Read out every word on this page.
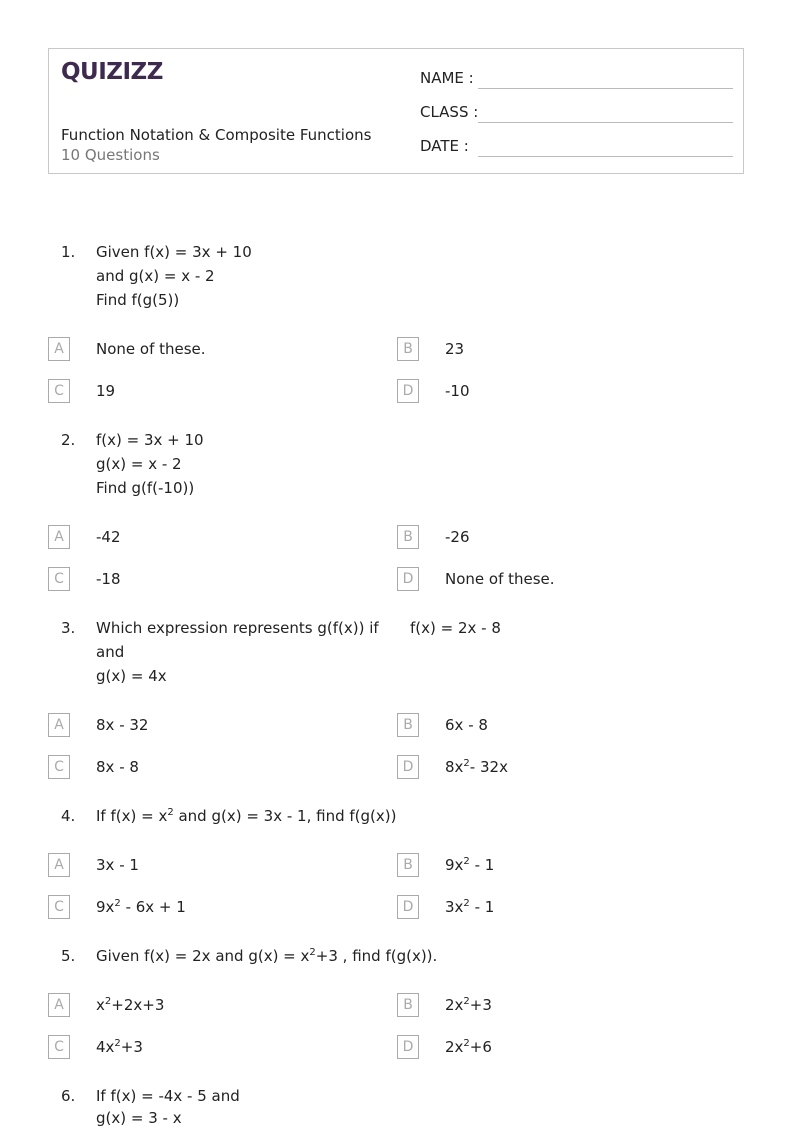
QUIZIZZ
Function Notation & Composite Functions
10 Questions
NAME :
CLASS :
DATE :
1. Given f(x) = 3x + 10
and g(x) = x - 2
Find f(g(5))
A	None of these.	B	23
C	19	D	-10
2. f(x) = 3x + 10
g(x) = x - 2
Find g(f(-10))
A	-42	B	-26
C	-18	D	None of these.
3. Which expression represents g(f(x)) if f(x) = 2x - 8
and
g(x) = 4x
A	8x - 32	B	6x - 8
C	8x - 8	D	$8x^2-$ 32x
4. If $f(x) = x^2$ and g(x) = 3x - 1, find f(g(x))
A	3x - 1	B	$9x^2 - 1$
C	$9x^2 - 6x + 1$	D	$3x^2 - 1$
5. Given f(x) = 2x and $g(x) = x^2+3$ , find f(g(x)).
A	$x^2+2x+3$	B	$2x^2+3$
C	$4x^2+3$	D	$2x^2+6$
6. If f(x) = -4x - 5 and
g(x) = 3 - x
